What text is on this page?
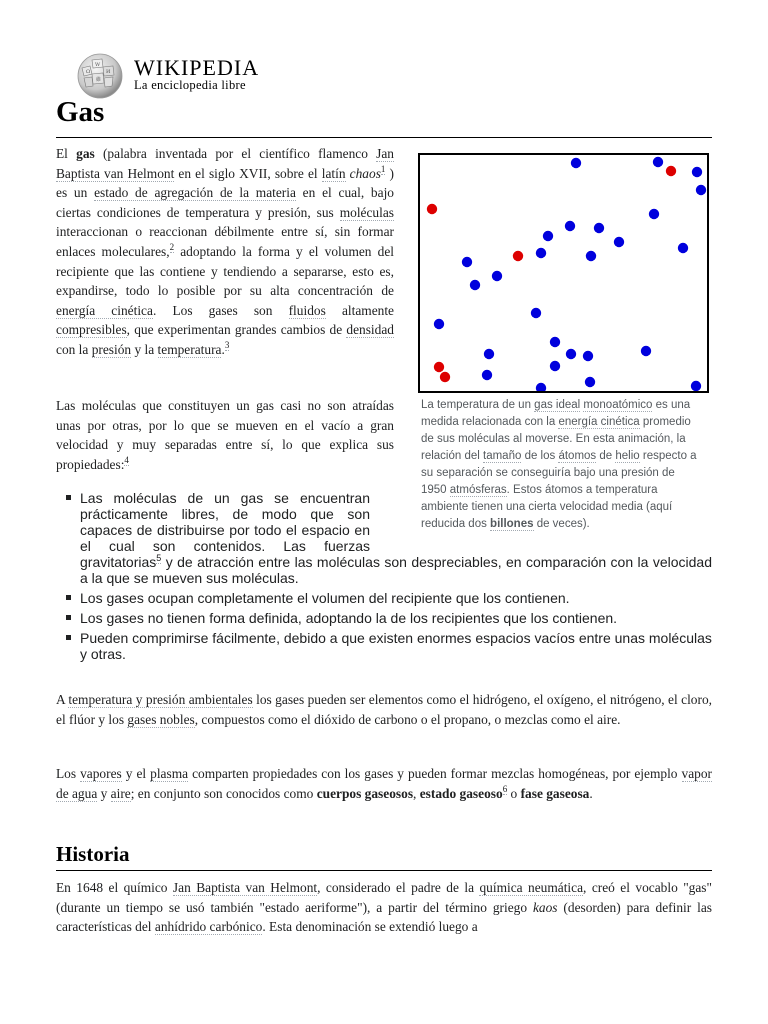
Ω
W
И
維 WIKIPEDIA
La enciclopedia libre
Gas

El gas (palabra inventada por el científico flamenco Jan Baptista van Helmont en el siglo XVII, sobre el latín chaos$^1$ ) es un estado de agregación de la materia en el cual, bajo ciertas condiciones de temperatura y presión, sus moléculas interaccionan o reaccionan débilmente entre sí, sin formar enlaces moleculares,$^2$ adoptando la forma y el volumen del recipiente que las contiene y tendiendo a separarse, esto es, expandirse, todo lo posible por su alta concentración de energía cinética. Los gases son fluidos altamente compresibles, que experimentan grandes cambios de densidad con la presión y la temperatura.$^3$

Las moléculas que constituyen un gas casi no son atraídas unas por otras, por lo que se mueven en el vacío a gran velocidad y muy separadas entre sí, lo que explica sus propiedades:$^4$

La temperatura de un gas ideal monoatómico es una medida relacionada con la energía cinética promedio de sus moléculas al moverse. En esta animación, la relación del tamaño de los átomos de helio respecto a su separación se conseguiría bajo una presión de 1950 atmósferas. Estos átomos a temperatura ambiente tienen una cierta velocidad media (aquí reducida dos billones de veces).
Las moléculas de un gas se encuentran prácticamente libres, de modo que son capaces de distribuirse por todo el espacio en el cual son contenidos. Las fuerzas gravitatorias$^5$ y de atracción entre las moléculas son despreciables, en comparación con la velocidad a la que se mueven sus moléculas.
Los gases ocupan completamente el volumen del recipiente que los contienen.
Los gases no tienen forma definida, adoptando la de los recipientes que los contienen.
Pueden comprimirse fácilmente, debido a que existen enormes espacios vacíos entre unas moléculas y otras.

A temperatura y presión ambientales los gases pueden ser elementos como el hidrógeno, el oxígeno, el nitrógeno, el cloro, el flúor y los gases nobles, compuestos como el dióxido de carbono o el propano, o mezclas como el aire.

Los vapores y el plasma comparten propiedades con los gases y pueden formar mezclas homogéneas, por ejemplo vapor de agua y aire; en conjunto son conocidos como cuerpos gaseosos, estado gaseoso$^6$ o fase gaseosa.

Historia

En 1648 el químico Jan Baptista van Helmont, considerado el padre de la química neumática, creó el vocablo "gas" (durante un tiempo se usó también "estado aeriforme"), a partir del término griego kaos (desorden) para definir las características del anhídrido carbónico. Esta denominación se extendió luego a
